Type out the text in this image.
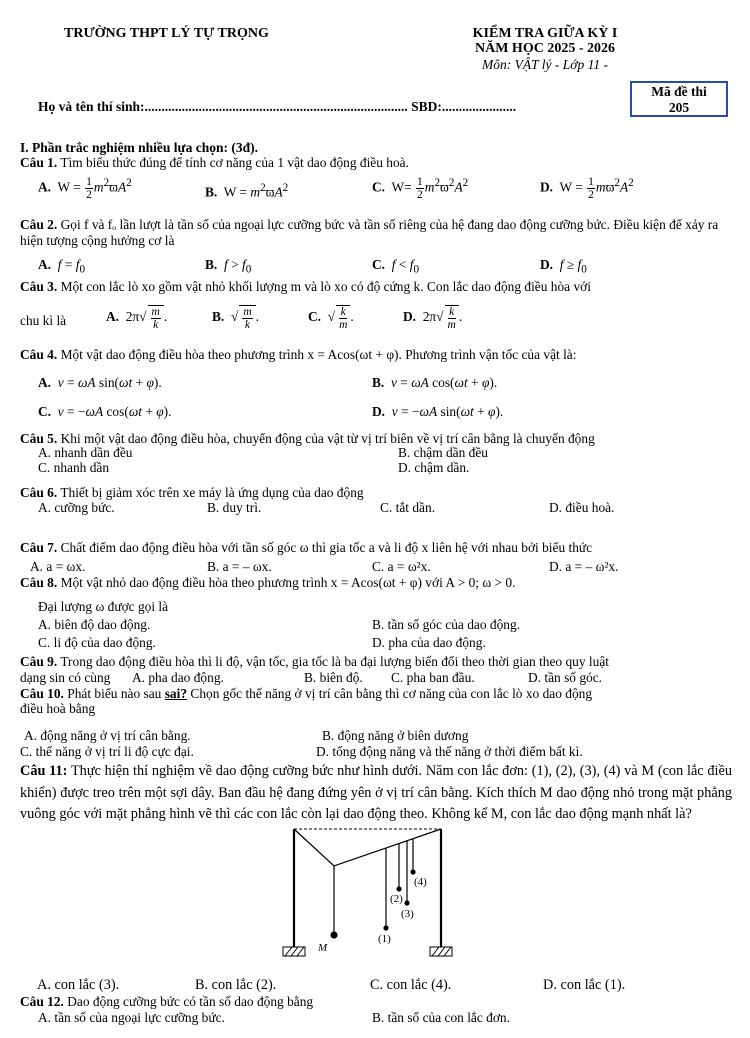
TRƯỜNG THPT LÝ TỰ TRỌNG	KIỂM TRA GIỮA KỲ I
NĂM HỌC 2025 - 2026
Môn: VẬT lý - Lớp 11 -
Mã đề thi
205
Họ và tên thí sinh:.............................................................................. SBD:......................
I. Phần trắc nghiệm nhiều lựa chọn: (3đ).
Câu 1. Tìm biểu thức đúng để tính cơ năng của 1 vật dao động điều hoà.
A.  $W = \frac{1}{2} m^2ϖA^2$
B.  $W = m^2ϖA^2$	C.  $W= \frac{1}{2} m^2ϖ^2A^2$	D.  $W = \frac{1}{2} mϖ^2A^2$
Câu 2. Gọi f và fₒ lần lượt là tần số của ngoại lực cưỡng bức và tần số riêng của hệ đang dao động cưỡng bức. Điều kiện để xảy ra hiện tượng cộng hưởng cơ là
A. $f = f_0$	B. $f > f_0$	C. $f < f_0$	D. $f \ge f_0$
Câu 3. Một con lắc lò xo gồm vật nhỏ khối lượng m và lò xo có độ cứng k. Con lắc dao động điều hòa với
chu kì là	A.  $2\pi√ \frac{m}{k}$ .	B.  √ $\frac{m}{k}$ .	C.  √ $\frac{k}{m}$ .	D.  $2\pi√ \frac{k}{m}$ .
Câu 4. Một vật dao động điều hòa theo phương trình x = Acos(ωt + φ). Phương trình vận tốc của vật là:
A. v = ωA sin(ωt + φ).	B. v = ωA cos(ωt + φ).
C. v = −ωA cos(ωt + φ).	D. v = −ωA sin(ωt + φ).
Câu 5. Khi một vật dao động điều hòa, chuyển động của vật từ vị trí biên về vị trí cân bằng là chuyển động
A. nhanh dần đều	B. chậm dần đều
C. nhanh dần	D. chậm dần.
Câu 6. Thiết bị giảm xóc trên xe máy là ứng dụng của dao động
A. cưỡng bức.	B. duy trì.	C. tắt dần.	D. điều hoà.
Câu 7. Chất điểm dao động điều hòa với tần số góc ω thì gia tốc a và li độ x liên hệ với nhau bởi biểu thức
A. a = ωx.	B. a = – ωx.	C. a = ω²x.	D. a = – ω²x.
Câu 8. Một vật nhỏ dao động điều hòa theo phương trình x = Acos(ωt + φ) với A > 0; ω > 0.
Đại lượng ω được gọi là
A. biên độ dao động.	B. tần số góc của dao động.
C. li độ của dao động.	D. pha của dao động.
Câu 9. Trong dao động điều hòa thì li độ, vận tốc, gia tốc là ba đại lượng biến đổi theo thời gian theo quy luật
dạng sin có cùng A. pha dao động.	B. biên độ. C. pha ban đầu.	D. tần số góc.
Câu 10. Phát biểu nào sau sai? Chọn gốc thế năng ở vị trí cân bằng thì cơ năng của con lắc lò xo dao động
điều hoà bằng
A. động năng ở vị trí cân bằng.	B. động năng ở biên dương
C. thế năng ở vị trí li độ cực đại.	D. tổng động năng và thế năng ở thời điểm bất kì.
Câu 11: Thực hiện thí nghiệm về dao động cưỡng bức như hình dưới. Năm con lắc đơn: (1), (2), (3), (4) và M (con lắc điều khiển) được treo trên một sợi dây. Ban đầu hệ đang đứng yên ở vị trí cân bằng. Kích thích M dao động nhỏ trong mặt phẳng vuông góc với mặt phẳng hình vẽ thì các con lắc còn lại dao động theo. Không kể M, con lắc dao động mạnh nhất là?
M
(1)
(2)
(3)
(4)
A. con lắc (3).	B. con lắc (2).	C. con lắc (4).	D. con lắc (1).
Câu 12. Dao động cưỡng bức có tần số dao động bằng
A. tần số của ngoại lực cưỡng bức.	B. tần số của con lắc đơn.
